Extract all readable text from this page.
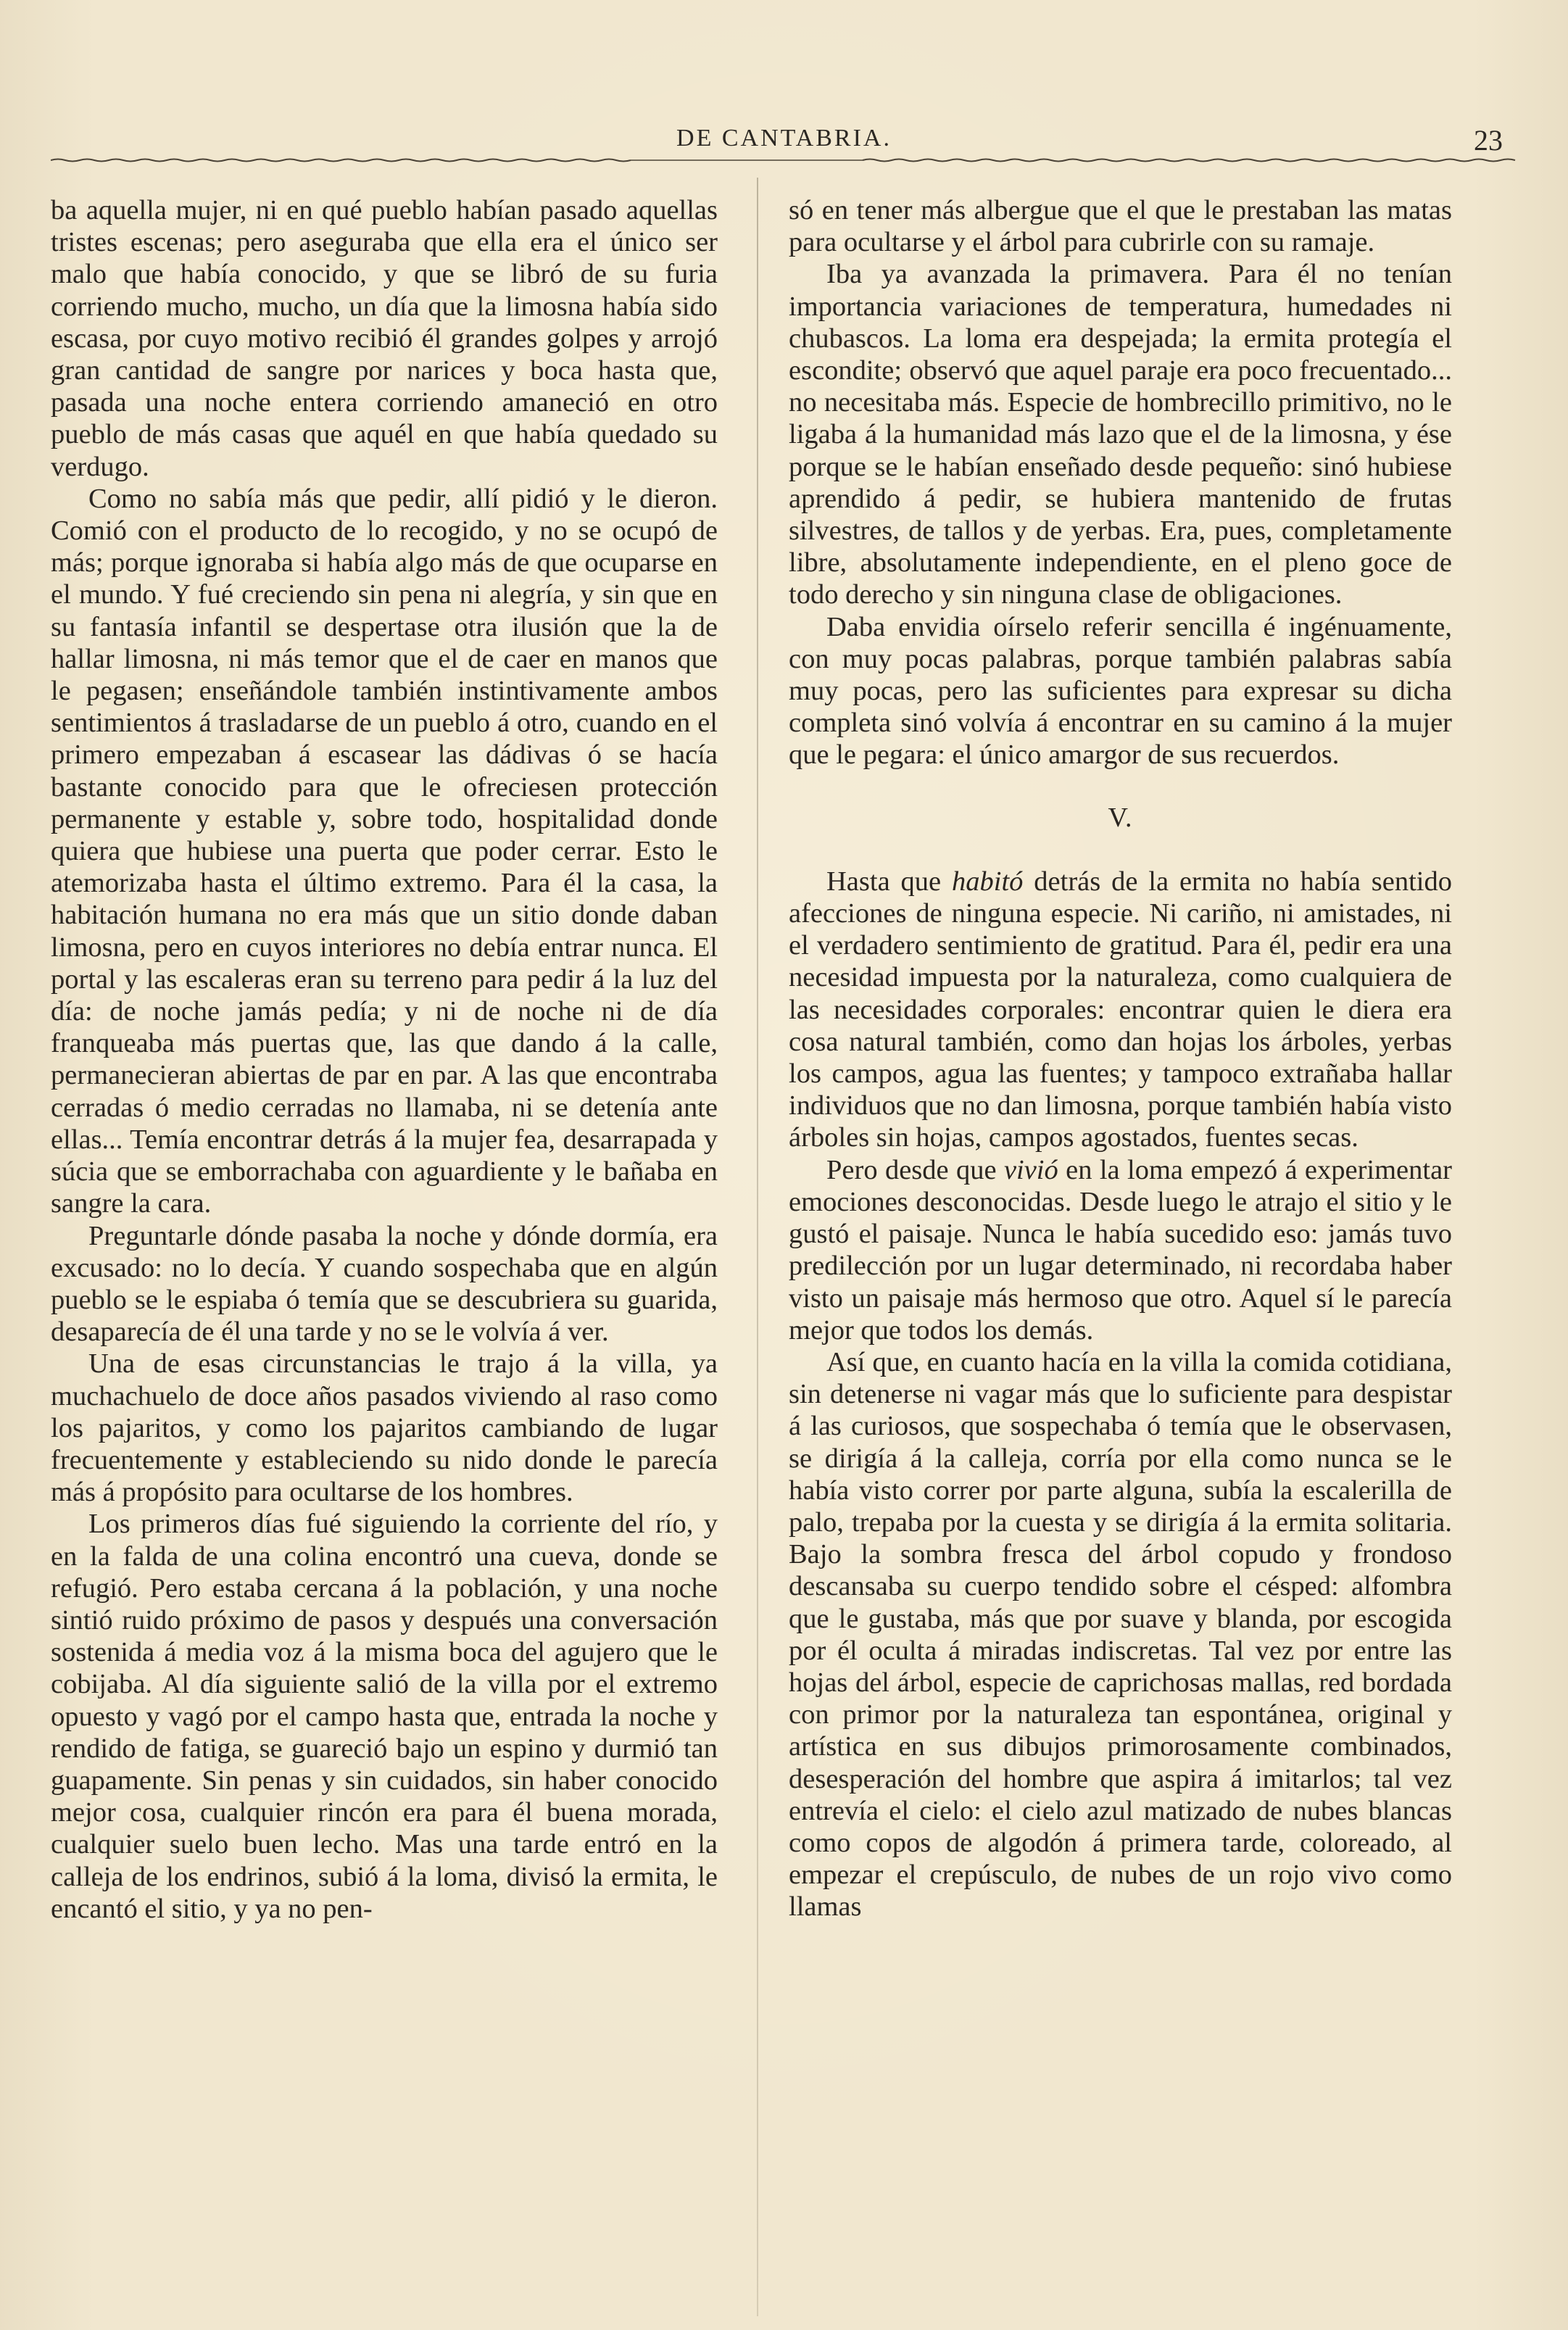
DE CANTABRIA.	23

ba aquella mujer, ni en qué pueblo habían pasado aquellas tristes escenas; pero aseguraba que ella era el único ser malo que había conocido, y que se libró de su furia corriendo mucho, mucho, un día que la limosna había sido escasa, por cuyo motivo recibió él grandes golpes y arrojó gran cantidad de sangre por narices y boca hasta que, pasada una noche entera corriendo amaneció en otro pueblo de más casas que aquél en que había quedado su verdugo.

Como no sabía más que pedir, allí pidió y le dieron. Comió con el producto de lo recogido, y no se ocupó de más; porque ignoraba si había algo más de que ocuparse en el mundo. Y fué creciendo sin pena ni alegría, y sin que en su fantasía infantil se despertase otra ilusión que la de hallar limosna, ni más temor que el de caer en manos que le pegasen; enseñándole también instintivamente ambos sentimientos á trasladarse de un pueblo á otro, cuando en el primero empezaban á escasear las dádivas ó se hacía bastante conocido para que le ofreciesen protección permanente y estable y, sobre todo, hospitalidad donde quiera que hubiese una puerta que poder cerrar. Esto le atemorizaba hasta el último extremo. Para él la casa, la habitación humana no era más que un sitio donde daban limosna, pero en cuyos interiores no debía entrar nunca. El portal y las escaleras eran su terreno para pedir á la luz del día: de noche jamás pedía; y ni de noche ni de día franqueaba más puertas que, las que dando á la calle, permanecieran abiertas de par en par. A las que encontraba cerradas ó medio cerradas no llamaba, ni se detenía ante ellas... Temía encontrar detrás á la mujer fea, desarrapada y súcia que se emborrachaba con aguardiente y le bañaba en sangre la cara.

Preguntarle dónde pasaba la noche y dónde dormía, era excusado: no lo decía. Y cuando sospechaba que en algún pueblo se le espiaba ó temía que se descubriera su guarida, desaparecía de él una tarde y no se le volvía á ver.

Una de esas circunstancias le trajo á la villa, ya muchachuelo de doce años pasados viviendo al raso como los pajaritos, y como los pajaritos cambiando de lugar frecuentemente y estableciendo su nido donde le parecía más á propósito para ocultarse de los hombres.

Los primeros días fué siguiendo la corriente del río, y en la falda de una colina encontró una cueva, donde se refugió. Pero estaba cercana á la población, y una noche sintió ruido próximo de pasos y después una conversación sostenida á media voz á la misma boca del agujero que le cobijaba. Al día siguiente salió de la villa por el extremo opuesto y vagó por el campo hasta que, entrada la noche y rendido de fatiga, se guareció bajo un espino y durmió tan guapamente. Sin penas y sin cuidados, sin haber conocido mejor cosa, cualquier rincón era para él buena morada, cualquier suelo buen lecho. Mas una tarde entró en la calleja de los endrinos, subió á la loma, divisó la ermita, le encantó el sitio, y ya no pen-

só en tener más albergue que el que le prestaban las matas para ocultarse y el árbol para cubrirle con su ramaje.

Iba ya avanzada la primavera. Para él no tenían importancia variaciones de temperatura, humedades ni chubascos. La loma era despejada; la ermita protegía el escondite; observó que aquel paraje era poco frecuentado... no necesitaba más. Especie de hombrecillo primitivo, no le ligaba á la humanidad más lazo que el de la limosna, y ése porque se le habían enseñado desde pequeño: sinó hubiese aprendido á pedir, se hubiera mantenido de frutas silvestres, de tallos y de yerbas. Era, pues, completamente libre, absolutamente independiente, en el pleno goce de todo derecho y sin ninguna clase de obligaciones.

Daba envidia oírselo referir sencilla é ingénuamente, con muy pocas palabras, porque también palabras sabía muy pocas, pero las suficientes para expresar su dicha completa sinó volvía á encontrar en su camino á la mujer que le pegara: el único amargor de sus recuerdos.

V.

Hasta que habitó detrás de la ermita no había sentido afecciones de ninguna especie. Ni cariño, ni amistades, ni el verdadero sentimiento de gratitud. Para él, pedir era una necesidad impuesta por la naturaleza, como cualquiera de las necesidades corporales: encontrar quien le diera era cosa natural también, como dan hojas los árboles, yerbas los campos, agua las fuentes; y tampoco extrañaba hallar individuos que no dan limosna, porque también había visto árboles sin hojas, campos agostados, fuentes secas.

Pero desde que vivió en la loma empezó á experimentar emociones desconocidas. Desde luego le atrajo el sitio y le gustó el paisaje. Nunca le había sucedido eso: jamás tuvo predilección por un lugar determinado, ni recordaba haber visto un paisaje más hermoso que otro. Aquel sí le parecía mejor que todos los demás.

Así que, en cuanto hacía en la villa la comida cotidiana, sin detenerse ni vagar más que lo suficiente para despistar á las curiosos, que sospechaba ó temía que le observasen, se dirigía á la calleja, corría por ella como nunca se le había visto correr por parte alguna, subía la escalerilla de palo, trepaba por la cuesta y se dirigía á la ermita solitaria. Bajo la sombra fresca del árbol copudo y frondoso descansaba su cuerpo tendido sobre el césped: alfombra que le gustaba, más que por suave y blanda, por escogida por él oculta á miradas indiscretas. Tal vez por entre las hojas del árbol, especie de caprichosas mallas, red bordada con primor por la naturaleza tan espontánea, original y artística en sus dibujos primorosamente combinados, desesperación del hombre que aspira á imitarlos; tal vez entrevía el cielo: el cielo azul matizado de nubes blancas como copos de algodón á primera tarde, coloreado, al empezar el crepúsculo, de nubes de un rojo vivo como llamas
